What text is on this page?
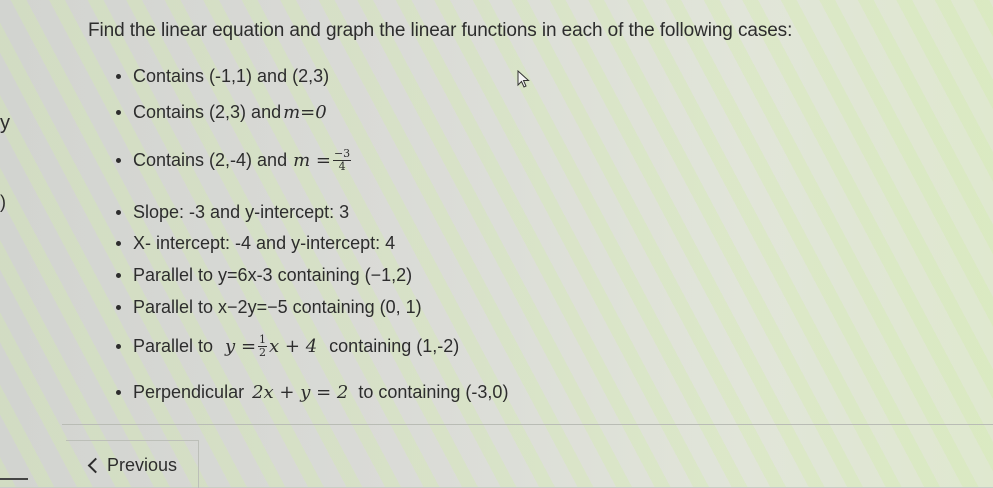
y
)
Find the linear equation and graph the linear functions in each of the following cases:
Contains (-1,1) and (2,3)
Contains (2,3) and m=0
Contains (2,-4) and $m = \frac{-3}{4}$
Slope: -3 and y-intercept: 3
X- intercept: -4 and y-intercept: 4
Parallel to y=6x-3 containing (−1,2)
Parallel to x−2y=−5 containing (0, 1)
Parallel to $y = \frac{1}{2}$ x + 4 containing (1,-2)
Perpendicular 2x + y = 2 to containing (-3,0)
Previous
